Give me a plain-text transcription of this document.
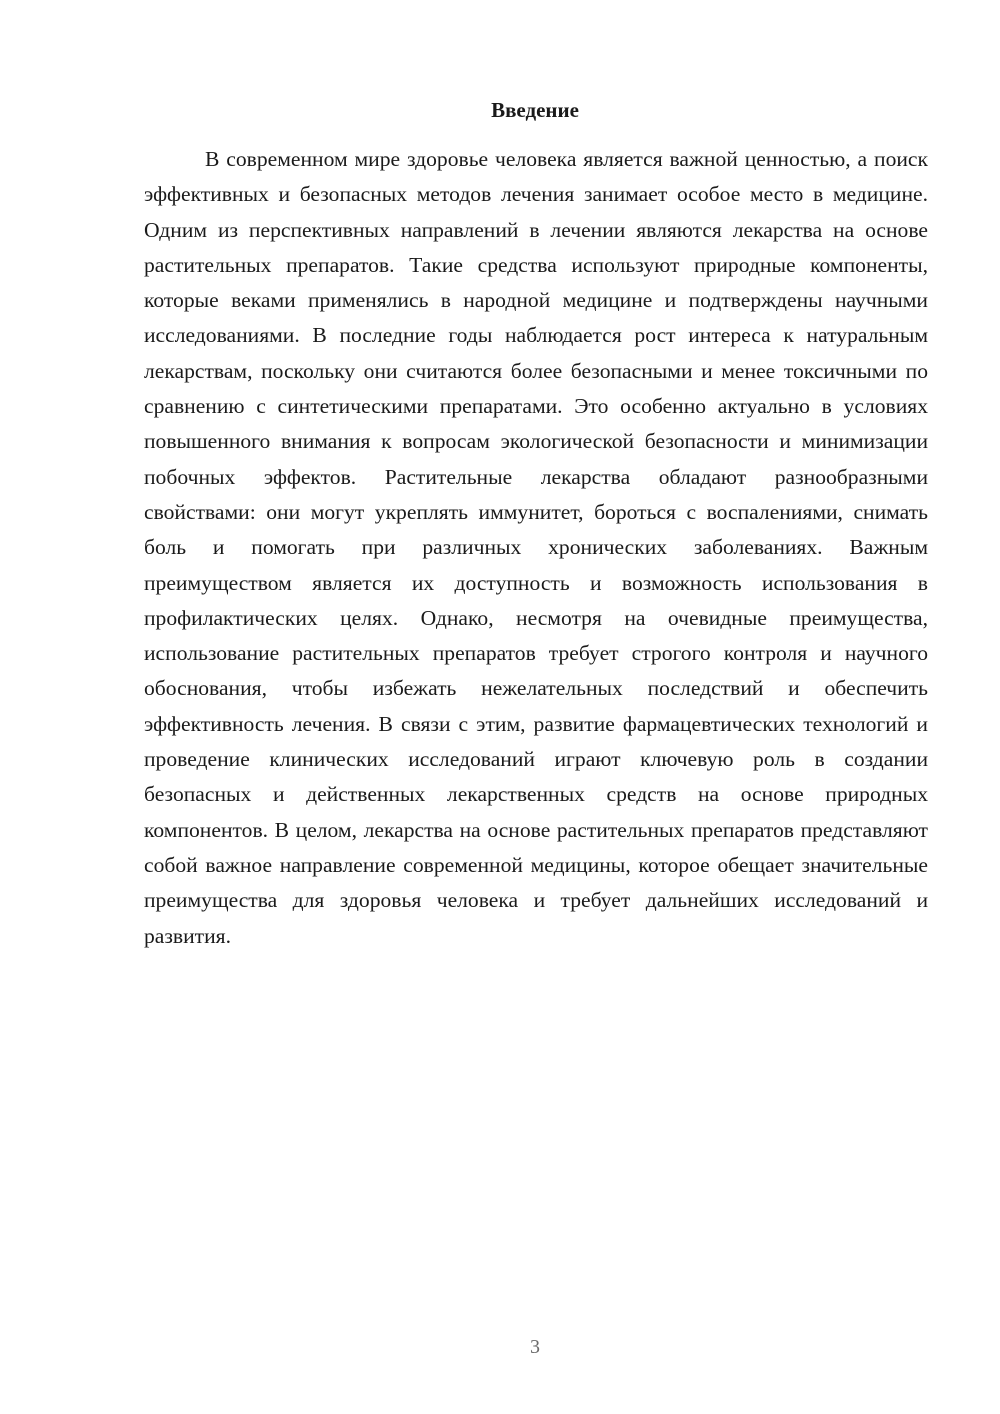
Введение

В современном мире здоровье человека является важной ценностью, а поиск эффективных и безопасных методов лечения занимает особое место в медицине. Одним из перспективных направлений в лечении являются лекарства на основе растительных препаратов. Такие средства используют природные компоненты, которые веками применялись в народной медицине и подтверждены научными исследованиями. В последние годы наблюдается рост интереса к натуральным лекарствам, поскольку они считаются более безопасными и менее токсичными по сравнению с синтетическими препаратами. Это особенно актуально в условиях повышенного внимания к вопросам экологической безопасности и минимизации побочных эффектов. Растительные лекарства обладают разнообразными свойствами: они могут укреплять иммунитет, бороться с воспалениями, снимать боль и помогать при различных хронических заболеваниях. Важным преимуществом является их доступность и возможность использования в профилактических целях. Однако, несмотря на очевидные преимущества, использование растительных препаратов требует строгого контроля и научного обоснования, чтобы избежать нежелательных последствий и обеспечить эффективность лечения. В связи с этим, развитие фармацевтических технологий и проведение клинических исследований играют ключевую роль в создании безопасных и действенных лекарственных средств на основе природных компонентов. В целом, лекарства на основе растительных препаратов представляют собой важное направление современной медицины, которое обещает значительные преимущества для здоровья человека и требует дальнейших исследований и развития.

3
